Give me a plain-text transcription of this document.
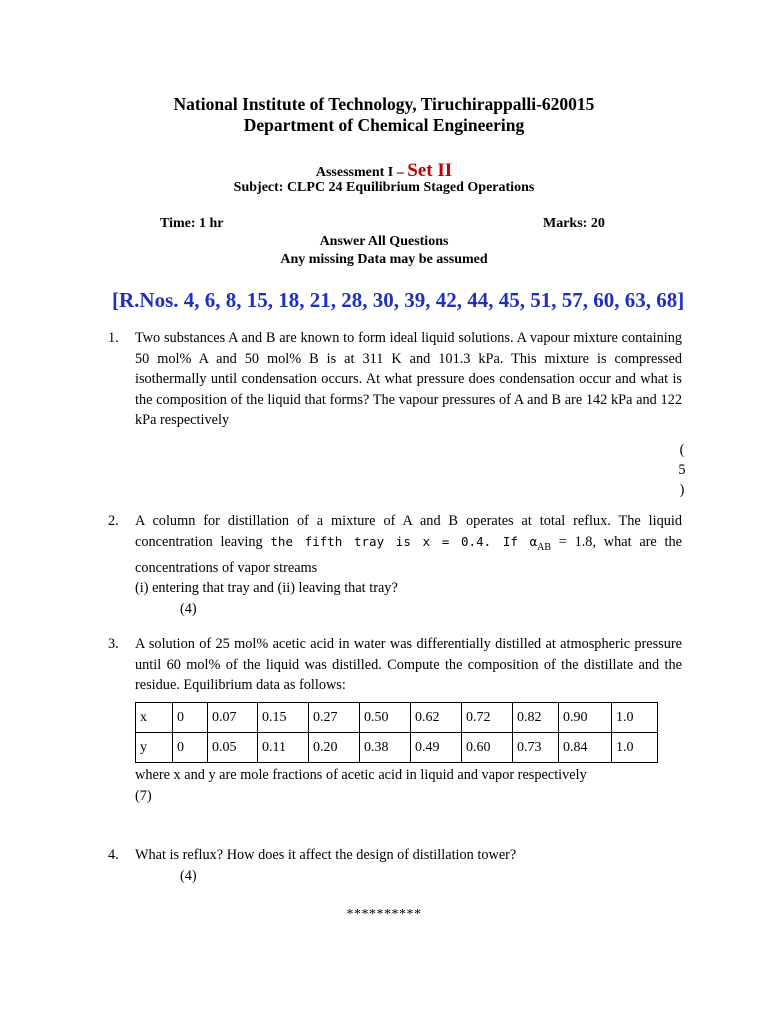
National Institute of Technology, Tiruchirappalli-620015
Department of Chemical Engineering
Assessment I – Set II
Subject: CLPC 24 Equilibrium Staged Operations
Time: 1 hr	Marks: 20
Answer All Questions
Any missing Data may be assumed
[R.Nos. 4, 6, 8, 15, 18, 21, 28, 30, 39, 42, 44, 45, 51, 57, 60, 63, 68]
1.	Two substances A and B are known to form ideal liquid solutions. A vapour mixture containing 50 mol% A and 50 mol% B is at 311 K and 101.3 kPa. This mixture is compressed isothermally until condensation occurs. At what pressure does condensation occur and what is the composition of the liquid that forms? The vapour pressures of A and B are 142 kPa and 122 kPa respectively
(
5
)
2.	A column for distillation of a mixture of A and B operates at total reflux. The liquid concentration leaving the fifth tray is x = 0.4. If $\alpha_{AB} = 1.8$, what are the concentrations of vapor streams
(i) entering that tray and (ii) leaving that tray?
(4)
3.	A solution of 25 mol% acetic acid in water was differentially distilled at atmospheric pressure until 60 mol% of the liquid was distilled. Compute the composition of the distillate and the residue. Equilibrium data as follows:
x	0	0.07	0.15	0.27	0.50	0.62	0.72	0.82	0.90	1.0
y	0	0.05	0.11	0.20	0.38	0.49	0.60	0.73	0.84	1.0
where x and y are mole fractions of acetic acid in liquid and vapor respectively
(7)
4.	What is reflux? How does it affect the design of distillation tower?
(4)
**********
